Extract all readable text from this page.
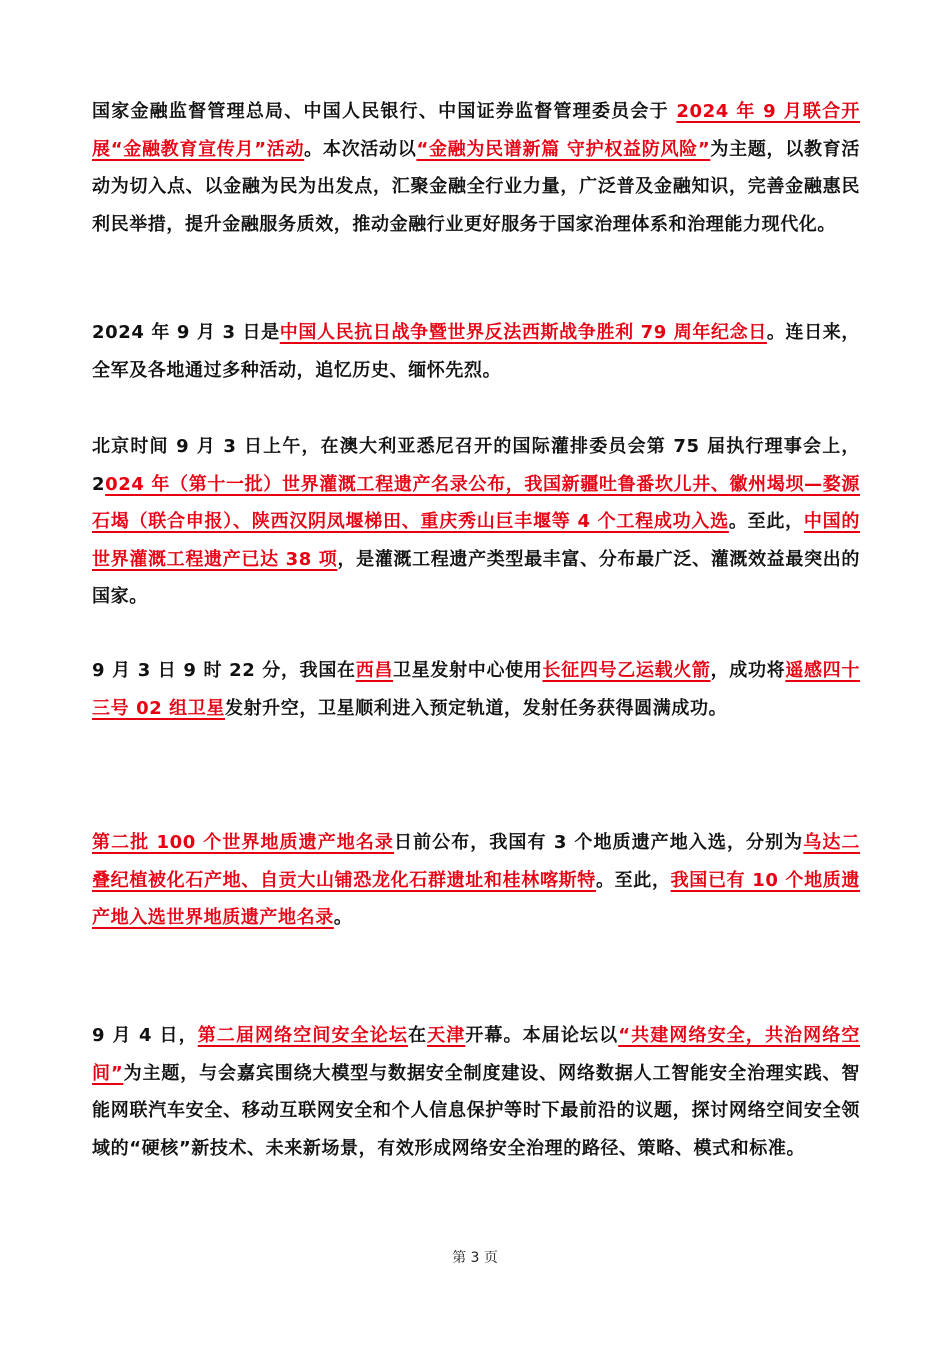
国家金融监督管理总局、中国人民银行、中国证券监督管理委员会于 2024 年 9 月联合开展“金融教育宣传月”活动。本次活动以“金融为民谱新篇 守护权益防风险”为主题，以教育活动为切入点、以金融为民为出发点，汇聚金融全行业力量，广泛普及金融知识，完善金融惠民利民举措，提升金融服务质效，推动金融行业更好服务于国家治理体系和治理能力现代化。

2024 年 9 月 3 日是中国人民抗日战争暨世界反法西斯战争胜利 79 周年纪念日。连日来，全军及各地通过多种活动，追忆历史、缅怀先烈。

北京时间 9 月 3 日上午，在澳大利亚悉尼召开的国际灌排委员会第 75 届执行理事会上，2024 年（第十一批）世界灌溉工程遗产名录公布，我国新疆吐鲁番坎儿井、徽州堨坝—婺源石堨（联合申报）、陕西汉阴凤堰梯田、重庆秀山巨丰堰等 4 个工程成功入选。至此，中国的世界灌溉工程遗产已达 38 项，是灌溉工程遗产类型最丰富、分布最广泛、灌溉效益最突出的国家。

9 月 3 日 9 时 22 分，我国在西昌卫星发射中心使用长征四号乙运载火箭，成功将遥感四十三号 02 组卫星发射升空，卫星顺利进入预定轨道，发射任务获得圆满成功。

第二批 100 个世界地质遗产地名录日前公布，我国有 3 个地质遗产地入选，分别为乌达二叠纪植被化石产地、自贡大山铺恐龙化石群遗址和桂林喀斯特。至此，我国已有 10 个地质遗产地入选世界地质遗产地名录。

9 月 4 日，第二届网络空间安全论坛在天津开幕。本届论坛以“共建网络安全，共治网络空间”为主题，与会嘉宾围绕大模型与数据安全制度建设、网络数据人工智能安全治理实践、智能网联汽车安全、移动互联网安全和个人信息保护等时下最前沿的议题，探讨网络空间安全领域的“硬核”新技术、未来新场景，有效形成网络安全治理的路径、策略、模式和标准。

第 3 页
